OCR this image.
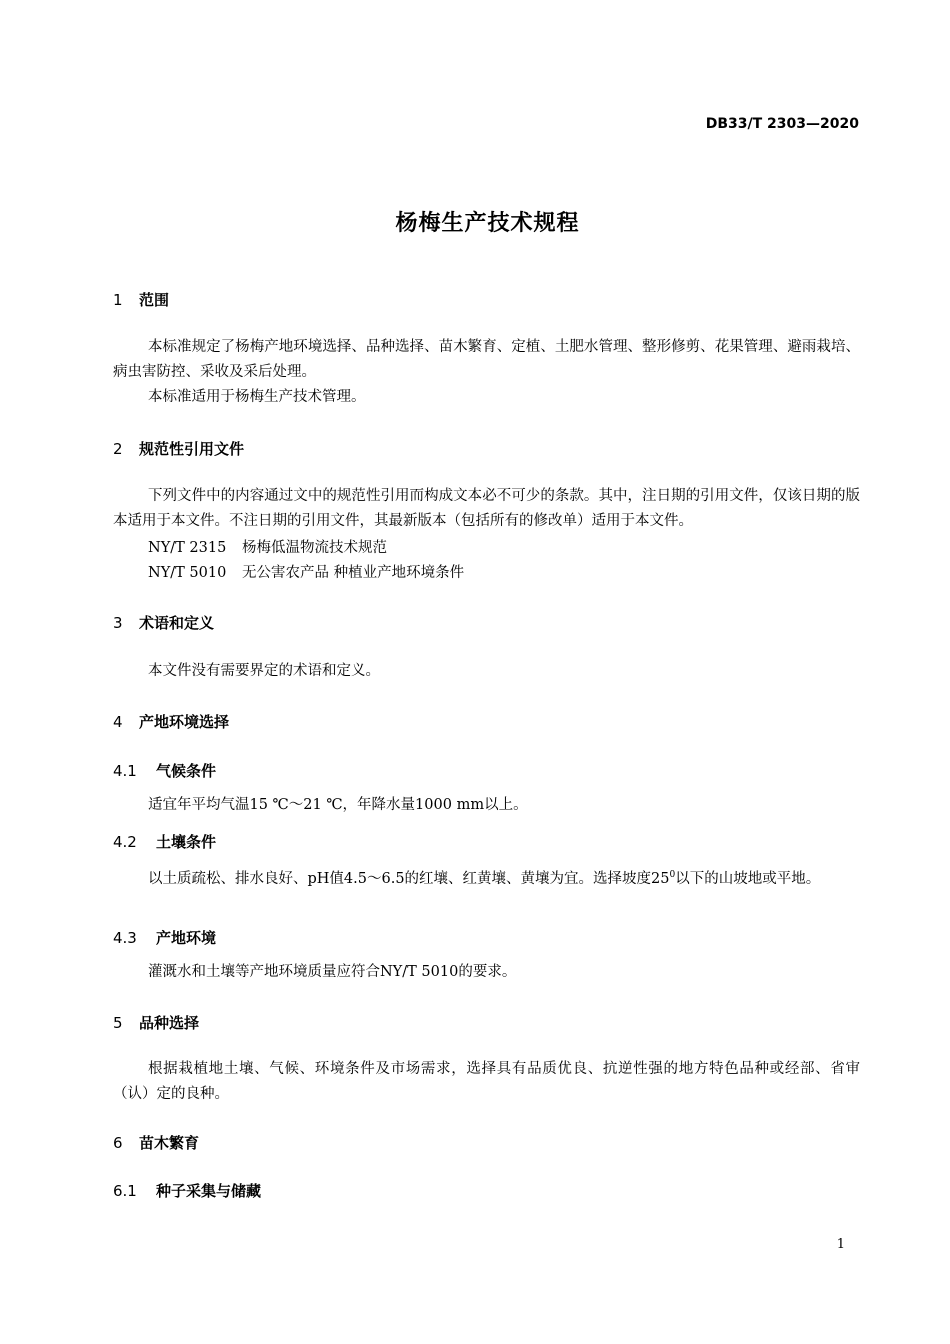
DB33/T 2303—2020
杨梅生产技术规程
1 范围
本标准规定了杨梅产地环境选择、品种选择、苗木繁育、定植、土肥水管理、整形修剪、花果管理、避雨栽培、病虫害防控、采收及采后处理。
本标准适用于杨梅生产技术管理。
2 规范性引用文件
下列文件中的内容通过文中的规范性引用而构成文本必不可少的条款。其中，注日期的引用文件，仅该日期的版本适用于本文件。不注日期的引用文件，其最新版本（包括所有的修改单）适用于本文件。
NY/T 2315 杨梅低温物流技术规范
NY/T 5010 无公害农产品 种植业产地环境条件
3 术语和定义
本文件没有需要界定的术语和定义。
4 产地环境选择
4.1 气候条件
适宜年平均气温15 ℃～21 ℃，年降水量1000 mm以上。
4.2 土壤条件
以土质疏松、排水良好、pH值4.5～6.5的红壤、红黄壤、黄壤为宜。选择坡度$25^0$以下的山坡地或平地。
4.3 产地环境
灌溉水和土壤等产地环境质量应符合NY/T 5010的要求。
5 品种选择
根据栽植地土壤、气候、环境条件及市场需求，选择具有品质优良、抗逆性强的地方特色品种或经部、省审（认）定的良种。
6 苗木繁育
6.1 种子采集与储藏
1
